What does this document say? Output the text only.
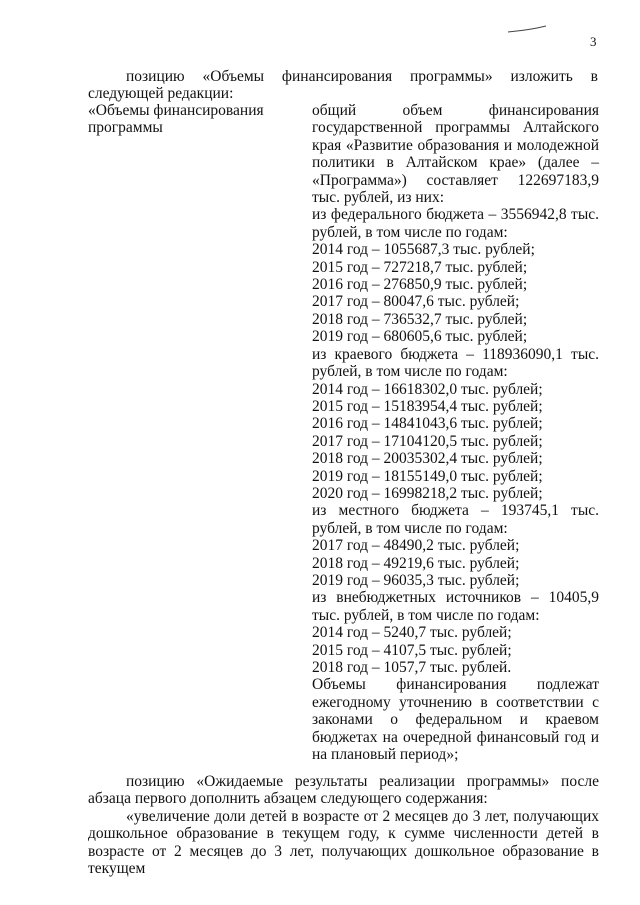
3
позицию «Объемы финансирования программы» изложить в следующей редакции:
«Объемы финансирования программы
общий объем финансирования государственной программы Алтайского края «Развитие образования и молодежной политики в Алтайском крае» (далее – «Программа») составляет 122697183,9 тыс. рублей, из них:
из федерального бюджета – 3556942,8 тыс. рублей, в том числе по годам:
2014 год – 1055687,3 тыс. рублей;
2015 год – 727218,7 тыс. рублей;
2016 год – 276850,9 тыс. рублей;
2017 год – 80047,6 тыс. рублей;
2018 год – 736532,7 тыс. рублей;
2019 год – 680605,6 тыс. рублей;
из краевого бюджета – 118936090,1 тыс. рублей, в том числе по годам:
2014 год – 16618302,0 тыс. рублей;
2015 год – 15183954,4 тыс. рублей;
2016 год – 14841043,6 тыс. рублей;
2017 год – 17104120,5 тыс. рублей;
2018 год – 20035302,4 тыс. рублей;
2019 год – 18155149,0 тыс. рублей;
2020 год – 16998218,2 тыс. рублей;
из местного бюджета – 193745,1 тыс. рублей, в том числе по годам:
2017 год – 48490,2 тыс. рублей;
2018 год – 49219,6 тыс. рублей;
2019 год – 96035,3 тыс. рублей;
из внебюджетных источников – 10405,9 тыс. рублей, в том числе по годам:
2014 год – 5240,7 тыс. рублей;
2015 год – 4107,5 тыс. рублей;
2018 год – 1057,7 тыс. рублей.
Объемы финансирования подлежат ежегодному уточнению в соответствии с законами о федеральном и краевом бюджетах на очередной финансовый год и на плановый период»;

позицию «Ожидаемые результаты реализации программы» после абзаца первого дополнить абзацем следующего содержания:

«увеличение доли детей в возрасте от 2 месяцев до 3 лет, получающих дошкольное образование в текущем году, к сумме численности детей в возрасте от 2 месяцев до 3 лет, получающих дошкольное образование в текущем
